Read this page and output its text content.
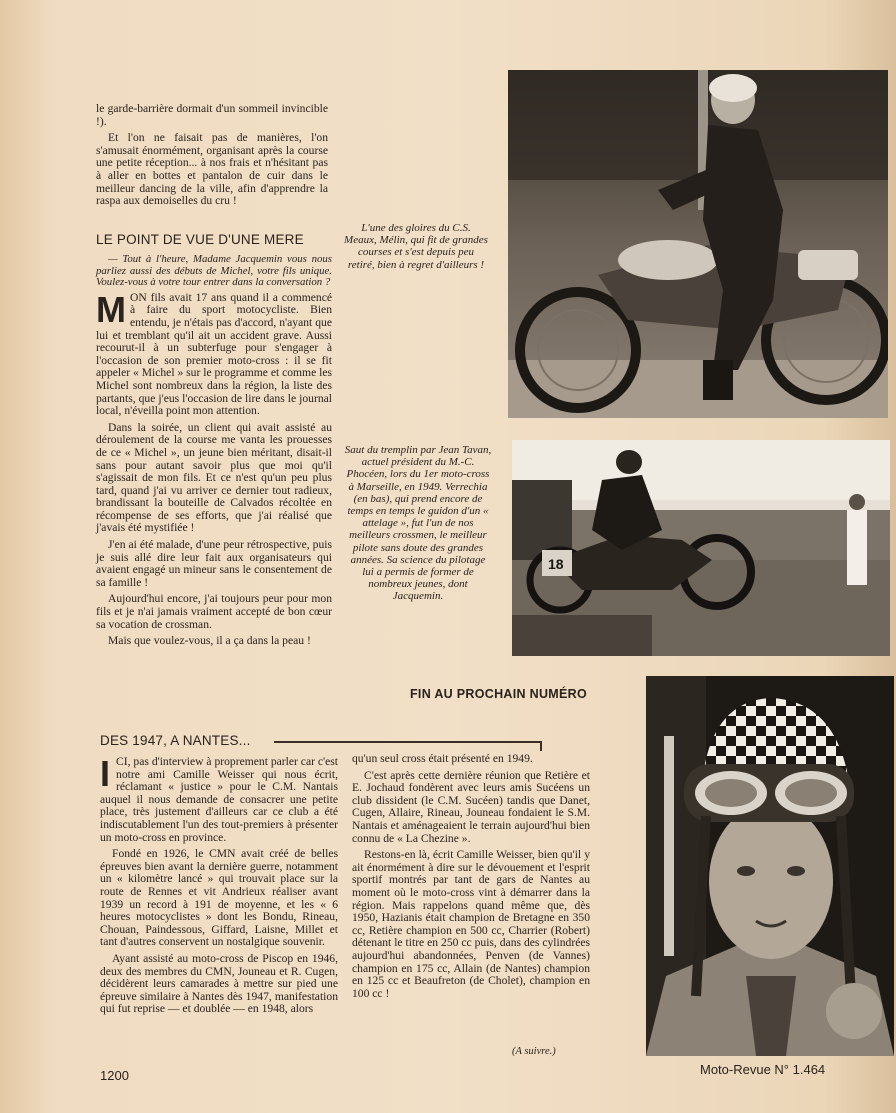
le garde-barrière dormait d'un sommeil invincible !).

Et l'on ne faisait pas de manières, l'on s'amusait énormément, organisant après la course une petite réception... à nos frais et n'hésitant pas à aller en bottes et pantalon de cuir dans le meilleur dancing de la ville, afin d'apprendre la raspa aux demoiselles du cru !

LE POINT DE VUE D'UNE MERE

— Tout à l'heure, Madame Jacquemin vous nous parliez aussi des débuts de Michel, votre fils unique. Voulez-vous à votre tour entrer dans la conversation ?

MON fils avait 17 ans quand il a commencé à faire du sport motocycliste. Bien entendu, je n'étais pas d'accord, n'ayant que lui et tremblant qu'il ait un accident grave. Aussi recourut-il à un subterfuge pour s'engager à l'occasion de son premier moto-cross : il se fit appeler « Michel » sur le programme et comme les Michel sont nombreux dans la région, la liste des partants, que j'eus l'occasion de lire dans le journal local, n'éveilla point mon attention.

Dans la soirée, un client qui avait assisté au déroulement de la course me vanta les prouesses de ce « Michel », un jeune bien méritant, disait-il sans pour autant savoir plus que moi qu'il s'agissait de mon fils. Et ce n'est qu'un peu plus tard, quand j'ai vu arriver ce dernier tout radieux, brandissant la bouteille de Calvados récoltée en récompense de ses efforts, que j'ai réalisé que j'avais été mystifiée !

J'en ai été malade, d'une peur rétrospective, puis je suis allé dire leur fait aux organisateurs qui avaient engagé un mineur sans le consentement de sa famille !

Aujourd'hui encore, j'ai toujours peur pour mon fils et je n'ai jamais vraiment accepté de bon cœur sa vocation de crossman.

Mais que voulez-vous, il a ça dans la peau !

L'une des gloires du C.S. Meaux, Mélin, qui fit de grandes courses et s'est depuis peu retiré, bien à regret d'ailleurs !

Saut du tremplin par Jean Tavan, actuel président du M.-C. Phocéen, lors du 1er moto-cross à Marseille, en 1949. Verrechia (en bas), qui prend encore de temps en temps le guidon d'un « attelage », fut l'un de nos meilleurs crossmen, le meilleur pilote sans doute des grandes années. Sa science du pilotage lui a permis de former de nombreux jeunes, dont Jacquemin.

18
FIN AU PROCHAIN NUMÉRO
DES 1947, A NANTES...

ICI, pas d'interview à proprement parler car c'est notre ami Camille Weisser qui nous écrit, réclamant « justice » pour le C.M. Nantais auquel il nous demande de consacrer une petite place, très justement d'ailleurs car ce club a été indiscutablement l'un des tout-premiers à présenter un moto-cross en province.

Fondé en 1926, le CMN avait créé de belles épreuves bien avant la dernière guerre, notamment un « kilomètre lancé » qui trouvait place sur la route de Rennes et vit Andrieux réaliser avant 1939 un record à 191 de moyenne, et les « 6 heures motocyclistes » dont les Bondu, Rineau, Chouan, Paindessous, Giffard, Laisne, Millet et tant d'autres conservent un nostalgique souvenir.

Ayant assisté au moto-cross de Piscop en 1946, deux des membres du CMN, Jouneau et R. Cugen, décidèrent leurs camarades à mettre sur pied une épreuve similaire à Nantes dès 1947, manifestation qui fut reprise — et doublée — en 1948, alors

qu'un seul cross était présenté en 1949.

C'est après cette dernière réunion que Retière et E. Jochaud fondèrent avec leurs amis Sucéens un club dissident (le C.M. Sucéen) tandis que Danet, Cugen, Allaire, Rineau, Jouneau fondaient le S.M. Nantais et aménageaient le terrain aujourd'hui bien connu de « La Chezine ».

Restons-en là, écrit Camille Weisser, bien qu'il y ait énormément à dire sur le dévouement et l'esprit sportif montrés par tant de gars de Nantes au moment où le moto-cross vint à démarrer dans la région. Mais rappelons quand même que, dès 1950, Hazianis était champion de Bretagne en 350 cc, Retière champion en 500 cc, Charrier (Robert) détenant le titre en 250 cc puis, dans des cylindrées aujourd'hui abandonnées, Penven (de Vannes) champion en 175 cc, Allain (de Nantes) champion en 125 cc et Beaufreton (de Cholet), champion en 100 cc !

(A suivre.)
1200	Moto-Revue N° 1.464
